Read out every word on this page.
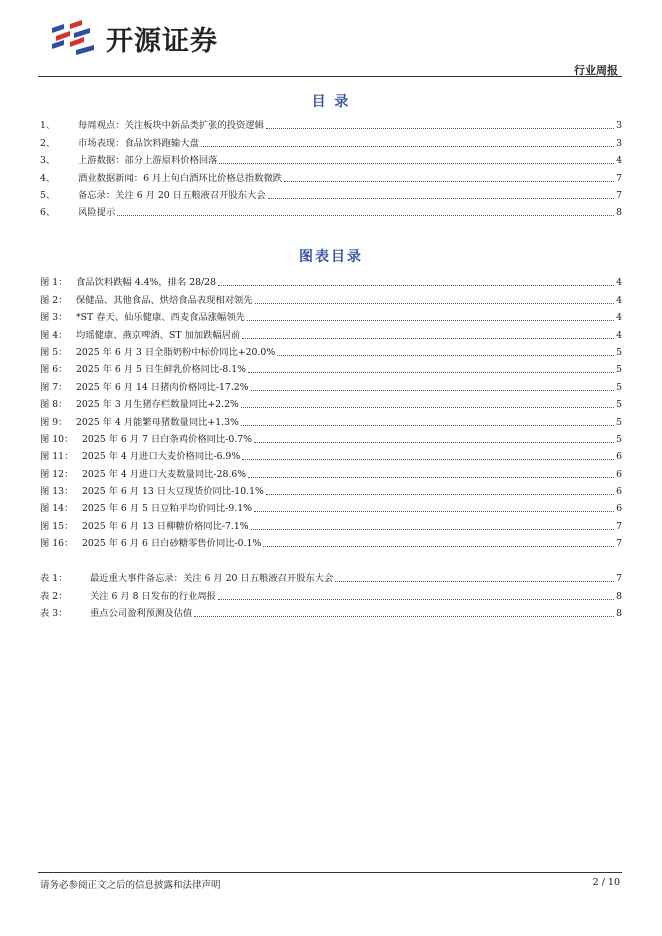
开源证券
行业周报
目 录
1、	每周观点：关注板块中新品类扩张的投资逻辑	3
2、	市场表现：食品饮料跑输大盘	3
3、	上游数据：部分上游原料价格回落	4
4、	酒业数据新闻：6 月上旬白酒环比价格总指数微跌	7
5、	备忘录：关注 6 月 20 日五粮液召开股东大会	7
6、	风险提示	8
图表目录
图 1： 食品饮料跌幅 4.4%，排名 28/28	4
图 2： 保健品、其他食品、烘焙食品表现相对领先	4
图 3： *ST 春天、仙乐健康、西麦食品涨幅领先	4
图 4： 均瑶健康、燕京啤酒、ST 加加跌幅居前	4
图 5： 2025 年 6 月 3 日全脂奶粉中标价同比+20.0%	5
图 6： 2025 年 6 月 5 日生鲜乳价格同比-8.1%	5
图 7： 2025 年 6 月 14 日猪肉价格同比-17.2%	5
图 8： 2025 年 3 月生猪存栏数量同比+2.2%	5
图 9： 2025 年 4 月能繁母猪数量同比+1.3%	5
图 10： 2025 年 6 月 7 日白条鸡价格同比-0.7%	5
图 11： 2025 年 4 月进口大麦价格同比-6.9%	6
图 12： 2025 年 4 月进口大麦数量同比-28.6%	6
图 13： 2025 年 6 月 13 日大豆现货价同比-10.1%	6
图 14： 2025 年 6 月 5 日豆粕平均价同比-9.1%	6
图 15： 2025 年 6 月 13 日柳糖价格同比-7.1%	7
图 16： 2025 年 6 月 6 日白砂糖零售价同比-0.1%	7
表 1：	最近重大事件备忘录：关注 6 月 20 日五粮液召开股东大会	7
表 2：	关注 6 月 8 日发布的行业周报	8
表 3：	重点公司盈利预测及估值	8
请务必参阅正文之后的信息披露和法律声明	2 / 10
